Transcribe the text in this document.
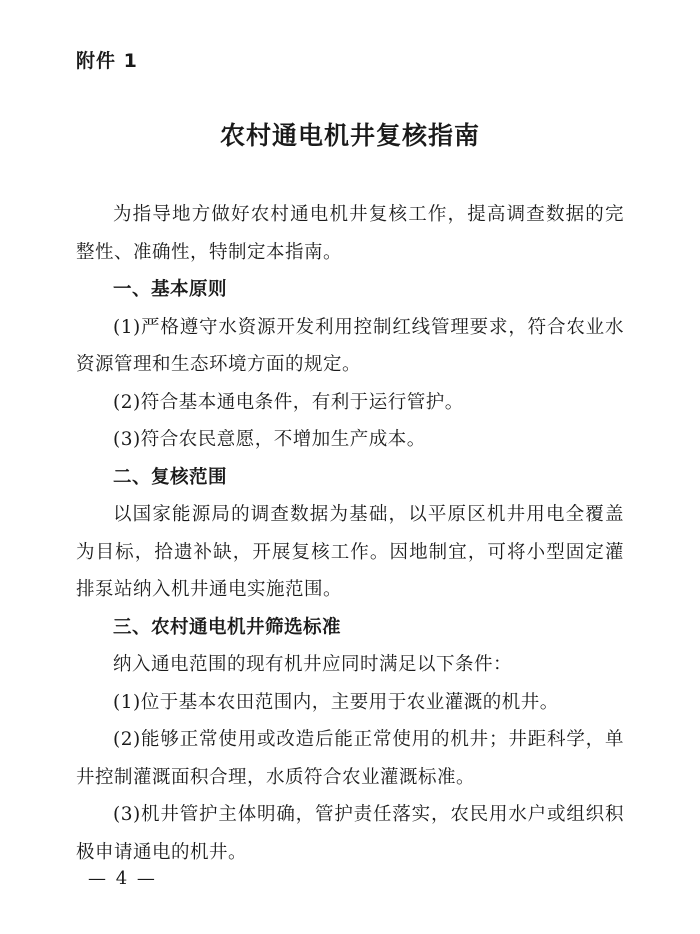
附件 1
农村通电机井复核指南

为指导地方做好农村通电机井复核工作，提高调查数据的完整性、准确性，特制定本指南。

一、基本原则

(1)严格遵守水资源开发利用控制红线管理要求，符合农业水资源管理和生态环境方面的规定。

(2)符合基本通电条件，有利于运行管护。

(3)符合农民意愿，不增加生产成本。

二、复核范围

以国家能源局的调查数据为基础，以平原区机井用电全覆盖为目标，拾遗补缺，开展复核工作。因地制宜，可将小型固定灌排泵站纳入机井通电实施范围。

三、农村通电机井筛选标准

纳入通电范围的现有机井应同时满足以下条件：

(1)位于基本农田范围内，主要用于农业灌溉的机井。

(2)能够正常使用或改造后能正常使用的机井；井距科学，单井控制灌溉面积合理，水质符合农业灌溉标准。

(3)机井管护主体明确，管护责任落实，农民用水户或组织积极申请通电的机井。

— 4 —
